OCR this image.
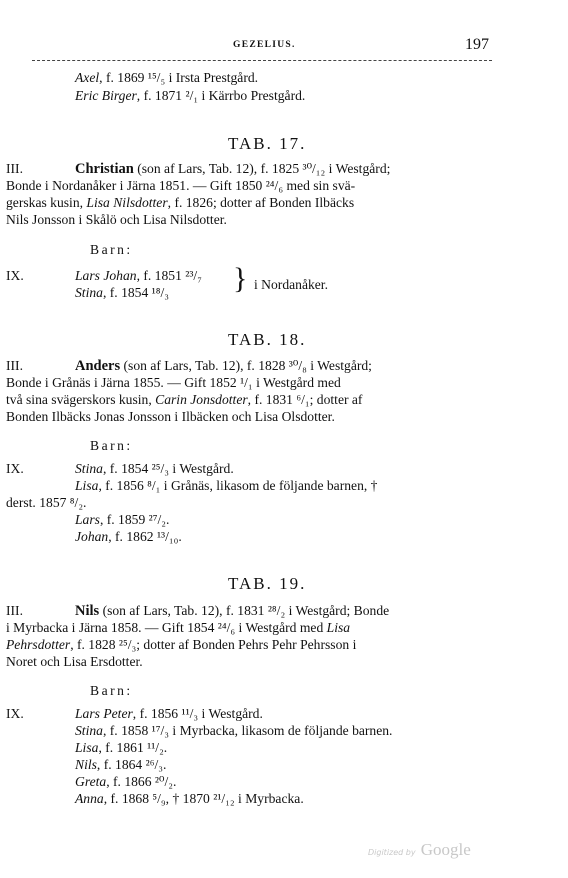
GEZELIUS.	197
Axel, f. 1869 ¹⁵/₅ i Irsta Prestgård.
Eric Birger, f. 1871 ²/₁ i Kärrbo Prestgård.
TAB. 17.
III.	Christian (son af Lars, Tab. 12), f. 1825 ³⁰/₁₂ i Westgård;
Bonde i Nordanåker i Järna 1851. — Gift 1850 ²⁴/₆ med sin svä-
gerskas kusin, Lisa Nilsdotter, f. 1826; dotter af Bonden Ilbäcks
Nils Jonsson i Skålö och Lisa Nilsdotter.
Barn:
IX.	Lars Johan, f. 1851 ²³/₇
Stina, f. 1854 ¹⁸/₃ } i Nordanåker.
TAB. 18.
III.	Anders (son af Lars, Tab. 12), f. 1828 ³⁰/₈ i Westgård;
Bonde i Grånäs i Järna 1855. — Gift 1852 ¹/₁ i Westgård med
två sina svägerskors kusin, Carin Jonsdotter, f. 1831 ⁶/₁; dotter af
Bonden Ilbäcks Jonas Jonsson i Ilbäcken och Lisa Olsdotter.
Barn:
IX.	Stina, f. 1854 ²⁵/₃ i Westgård.
Lisa, f. 1856 ⁸/₁ i Grånäs, likasom de följande barnen, †
derst. 1857 ⁸/₂.
Lars, f. 1859 ²⁷/₂.
Johan, f. 1862 ¹³/₁₀.
TAB. 19.
III.	Nils (son af Lars, Tab. 12), f. 1831 ²⁸/₂ i Westgård; Bonde
i Myrbacka i Järna 1858. — Gift 1854 ²⁴/₆ i Westgård med Lisa
Pehrsdotter, f. 1828 ²⁵/₃; dotter af Bonden Pehrs Pehr Pehrsson i
Noret och Lisa Ersdotter.
Barn:
IX.	Lars Peter, f. 1856 ¹¹/₃ i Westgård.
Stina, f. 1858 ¹⁷/₃ i Myrbacka, likasom de följande barnen.
Lisa, f. 1861 ¹¹/₂.
Nils, f. 1864 ²⁶/₃.
Greta, f. 1866 ²⁰/₂.
Anna, f. 1868 ⁵/₉, † 1870 ²¹/₁₂ i Myrbacka.
Digitized by Google
